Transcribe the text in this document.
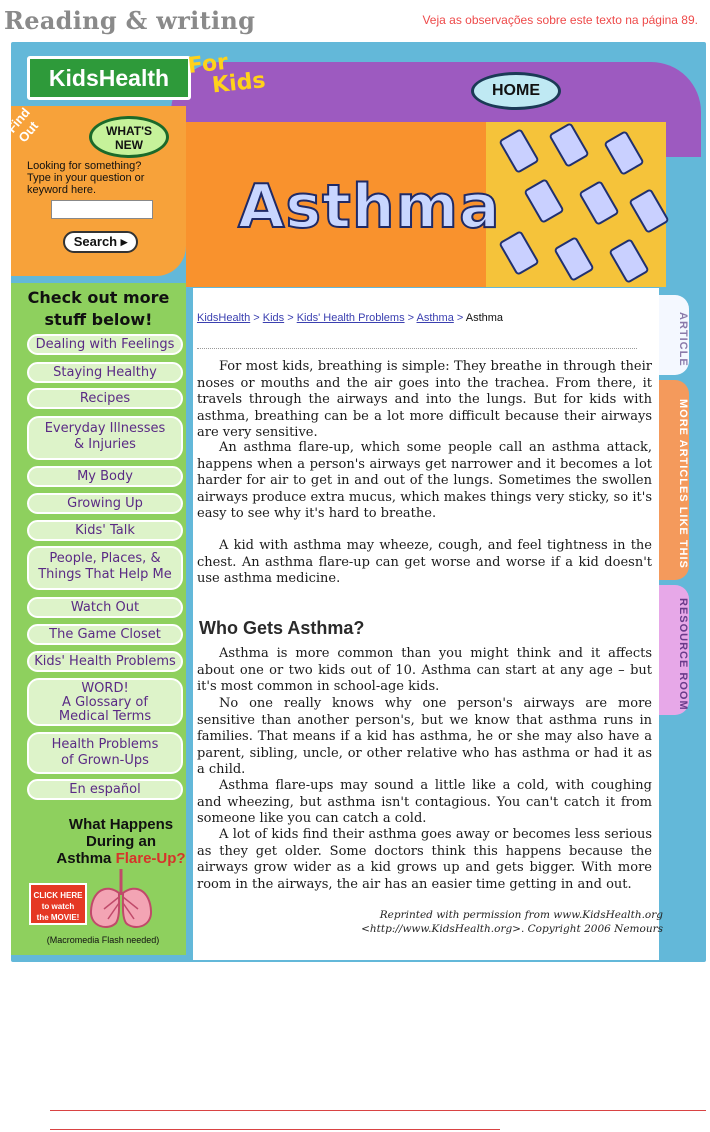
Reading & writing	Veja as observações sobre este texto na página 89.
KidsHealth For
Kids	HOME
Find Out	WHAT'S
NEW
Looking for something?
Type in your question or
keyword here.
Search ▸ Asthma
Check out more
stuff below!
Dealing with Feelings
Staying Healthy
Recipes
Everyday Illnesses
& Injuries
My Body
Growing Up
Kids' Talk
People, Places, &
Things That Help Me
Watch Out
The Game Closet
Kids' Health Problems
WORD!
A Glossary of
Medical Terms
Health Problems
of Grown-Ups
En español
What Happens
During an
Asthma Flare-Up?
CLICK HERE
to watch
the MOVIE!
(Macromedia Flash needed)
KidsHealth > Kids > Kids' Health Problems > Asthma > Asthma

For most kids, breathing is simple: They breathe in through their noses or mouths and the air goes into the trachea. From there, it travels through the airways and into the lungs. But for kids with asthma, breathing can be a lot more difficult because their airways are very sensitive.

An asthma flare-up, which some people call an asthma attack, happens when a person's airways get narrower and it becomes a lot harder for air to get in and out of the lungs. Sometimes the swollen airways produce extra mucus, which makes things very sticky, so it's easy to see why it's hard to breathe.

A kid with asthma may wheeze, cough, and feel tightness in the chest. An asthma flare-up can get worse and worse if a kid doesn't use asthma medicine.

Who Gets Asthma?

Asthma is more common than you might think and it affects about one or two kids out of 10. Asthma can start at any age – but it's most common in school-age kids.

No one really knows why one person's airways are more sensitive than another person's, but we know that asthma runs in families. That means if a kid has asthma, he or she may also have a parent, sibling, uncle, or other relative who has asthma or had it as a child.

Asthma flare-ups may sound a little like a cold, with coughing and wheezing, but asthma isn't contagious. You can't catch it from someone like you can catch a cold.

A lot of kids find their asthma goes away or becomes less serious as they get older. Some doctors think this happens because the airways grow wider as a kid grows up and gets bigger. With more room in the airways, the air has an easier time getting in and out.

Reprinted with permission from www.KidsHealth.org
<http://www.KidsHealth.org>. Copyright 2006 Nemours
ARTICLE
MORE ARTICLES LIKE THIS
RESOURCE ROOM
